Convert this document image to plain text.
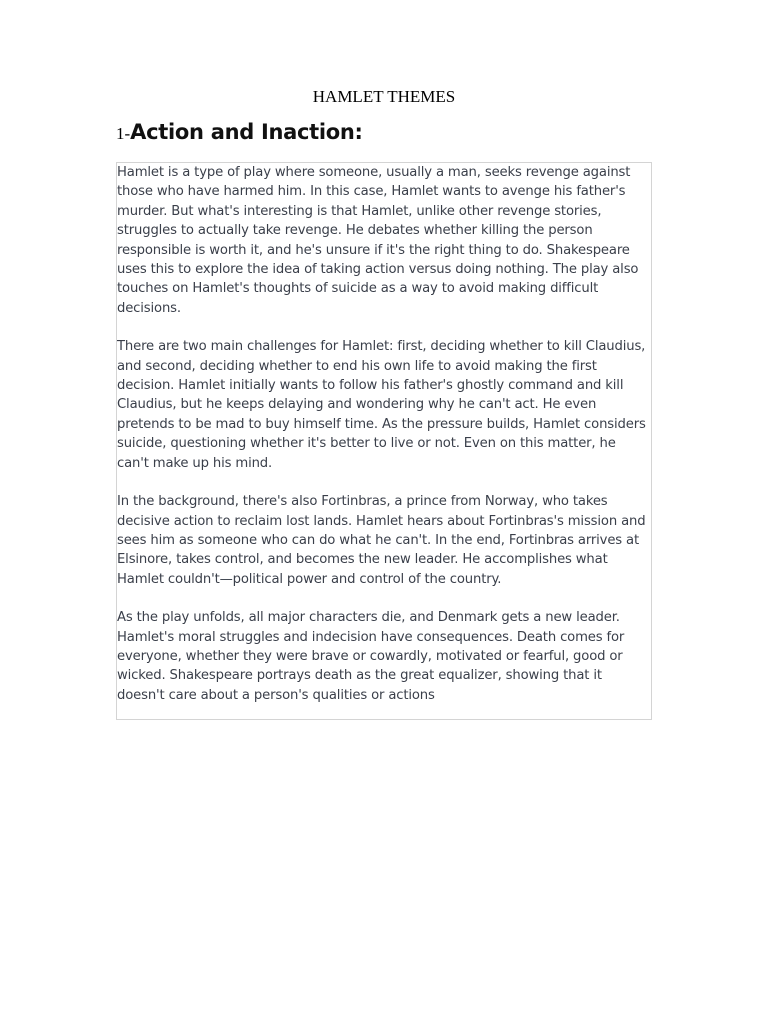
HAMLET THEMES
1-Action and Inaction:

Hamlet is a type of play where someone, usually a man, seeks revenge against those who have harmed him. In this case, Hamlet wants to avenge his father's murder. But what's interesting is that Hamlet, unlike other revenge stories, struggles to actually take revenge. He debates whether killing the person responsible is worth it, and he's unsure if it's the right thing to do. Shakespeare uses this to explore the idea of taking action versus doing nothing. The play also touches on Hamlet's thoughts of suicide as a way to avoid making difficult decisions.

There are two main challenges for Hamlet: first, deciding whether to kill Claudius, and second, deciding whether to end his own life to avoid making the first decision. Hamlet initially wants to follow his father's ghostly command and kill Claudius, but he keeps delaying and wondering why he can't act. He even pretends to be mad to buy himself time. As the pressure builds, Hamlet considers suicide, questioning whether it's better to live or not. Even on this matter, he can't make up his mind.

In the background, there's also Fortinbras, a prince from Norway, who takes decisive action to reclaim lost lands. Hamlet hears about Fortinbras's mission and sees him as someone who can do what he can't. In the end, Fortinbras arrives at Elsinore, takes control, and becomes the new leader. He accomplishes what Hamlet couldn't—political power and control of the country.

As the play unfolds, all major characters die, and Denmark gets a new leader. Hamlet's moral struggles and indecision have consequences. Death comes for everyone, whether they were brave or cowardly, motivated or fearful, good or wicked. Shakespeare portrays death as the great equalizer, showing that it doesn't care about a person's qualities or actions
